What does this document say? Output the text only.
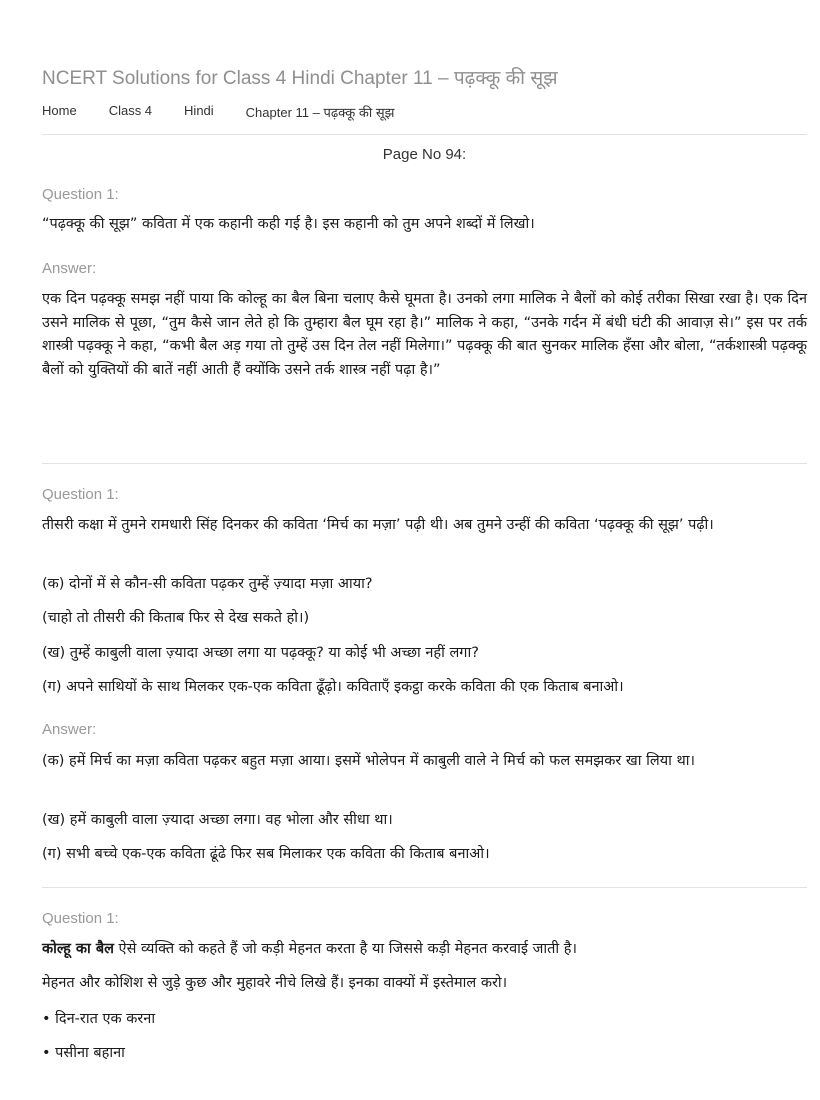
NCERT Solutions for Class 4 Hindi Chapter 11 – पढ़क्कू की सूझ
Home Class 4 Hindi Chapter 11 – पढ़क्कू की सूझ
Page No 94:
Question 1:
“पढ़क्कू की सूझ” कविता में एक कहानी कही गई है। इस कहानी को तुम अपने शब्दों में लिखो।
Answer:
एक दिन पढ़क्कू समझ नहीं पाया कि कोल्हू का बैल बिना चलाए कैसे घूमता है। उनको लगा मालिक ने बैलों को कोई तरीका सिखा रखा है। एक दिन उसने मालिक से पूछा, “तुम कैसे जान लेते हो कि तुम्हारा बैल घूम रहा है।” मालिक ने कहा, “उनके गर्दन में बंधी घंटी की आवाज़ से।” इस पर तर्क शास्त्री पढ़क्कू ने कहा, “कभी बैल अड़ गया तो तुम्हें उस दिन तेल नहीं मिलेगा।” पढ़क्कू की बात सुनकर मालिक हँसा और बोला, “तर्कशास्त्री पढ़क्कू बैलों को युक्तियों की बातें नहीं आती हैं क्योंकि उसने तर्क शास्त्र नहीं पढ़ा है।”
Question 1:
तीसरी कक्षा में तुमने रामधारी सिंह दिनकर की कविता ‘मिर्च का मज़ा’ पढ़ी थी। अब तुमने उन्हीं की कविता ‘पढ़क्कू की सूझ’ पढ़ी।
(क) दोनों में से कौन-सी कविता पढ़कर तुम्हें ज़्यादा मज़ा आया?
(चाहो तो तीसरी की किताब फिर से देख सकते हो।)
(ख) तुम्हें काबुली वाला ज़्यादा अच्छा लगा या पढ़क्कू? या कोई भी अच्छा नहीं लगा?
(ग) अपने साथियों के साथ मिलकर एक-एक कविता ढूँढ़ो। कविताएँ इकट्ठा करके कविता की एक किताब बनाओ।
Answer:
(क) हमें मिर्च का मज़ा कविता पढ़कर बहुत मज़ा आया। इसमें भोलेपन में काबुली वाले ने मिर्च को फल समझकर खा लिया था।
(ख) हमें काबुली वाला ज़्यादा अच्छा लगा। वह भोला और सीधा था।
(ग) सभी बच्चे एक-एक कविता ढूंढे फिर सब मिलाकर एक कविता की किताब बनाओ।
Question 1:
कोल्हू का बैल ऐसे व्यक्ति को कहते हैं जो कड़ी मेहनत करता है या जिससे कड़ी मेहनत करवाई जाती है।
मेहनत और कोशिश से जुड़े कुछ और मुहावरे नीचे लिखे हैं। इनका वाक्यों में इस्तेमाल करो।
• दिन-रात एक करना
• पसीना बहाना
